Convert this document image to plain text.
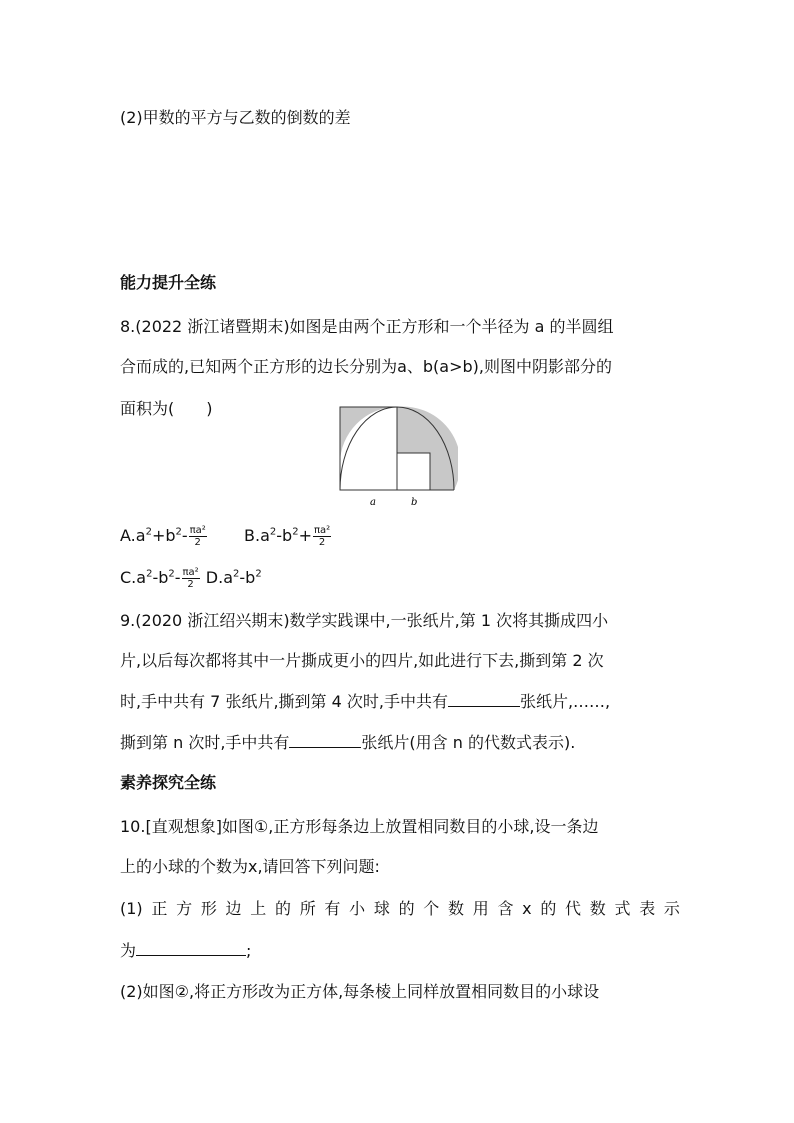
(2)甲数的平方与乙数的倒数的差
能力提升全练
8.(2022 浙江诸暨期末)如图是由两个正方形和一个半径为 a 的半圆组
合而成的,已知两个正方形的边长分别为a、b(a>b),则图中阴影部分的
面积为(　　)
a	b
$A.a^2+b^2- \frac{\text{πa²}}{2} B.a^2-b^2+ \frac{\text{πa²}}{2}$
$C.a^2-b^2- \frac{\text{πa²}}{2} D.a^2-b^2$
9.(2020 浙江绍兴期末)数学实践课中,一张纸片,第 1 次将其撕成四小
片,以后每次都将其中一片撕成更小的四片,如此进行下去,撕到第 2 次
时,手中共有 7 张纸片,撕到第 4 次时,手中共有	张纸片,……,
撕到第 n 次时,手中共有	张纸片(用含 n 的代数式表示).
素养探究全练
10.[直观想象]如图①,正方形每条边上放置相同数目的小球,设一条边
上的小球的个数为x,请回答下列问题:
(1) 正 方 形 边 上 的 所 有 小 球 的 个 数 用 含 x 的 代 数 式 表 示
为	;
(2)如图②,将正方形改为正方体,每条棱上同样放置相同数目的小球设
